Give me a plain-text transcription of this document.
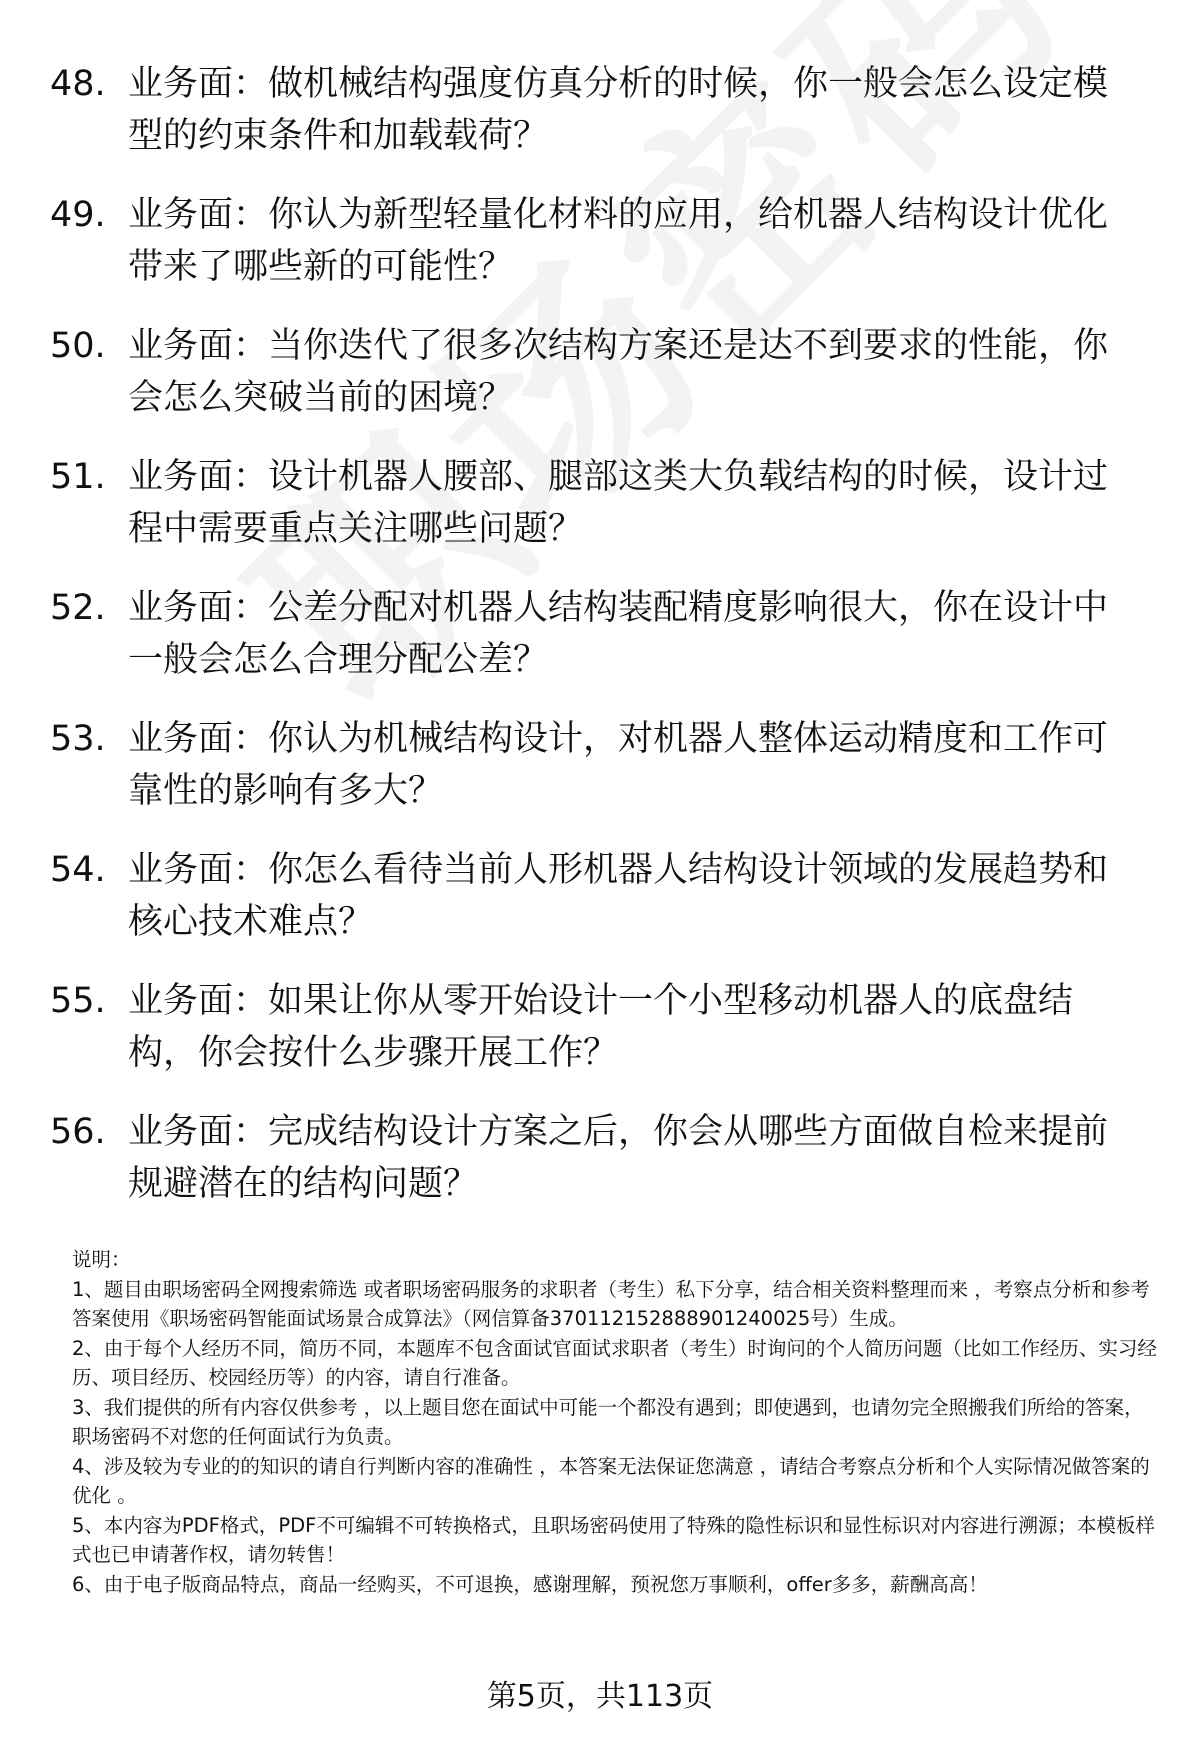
48. 业务面：做机械结构强度仿真分析的时候，你一般会怎么设定模型的约束条件和加载载荷？
49. 业务面：你认为新型轻量化材料的应用，给机器人结构设计优化带来了哪些新的可能性？
50. 业务面：当你迭代了很多次结构方案还是达不到要求的性能，你会怎么突破当前的困境？
51. 业务面：设计机器人腰部、腿部这类大负载结构的时候，设计过程中需要重点关注哪些问题？
52. 业务面：公差分配对机器人结构装配精度影响很大，你在设计中一般会怎么合理分配公差？
53. 业务面：你认为机械结构设计，对机器人整体运动精度和工作可靠性的影响有多大？
54. 业务面：你怎么看待当前人形机器人结构设计领域的发展趋势和核心技术难点？
55. 业务面：如果让你从零开始设计一个小型移动机器人的底盘结构，你会按什么步骤开展工作？
56. 业务面：完成结构设计方案之后，你会从哪些方面做自检来提前规避潜在的结构问题？

说明：

1、题目由职场密码全网搜索筛选 或者职场密码服务的求职者（考生）私下分享，结合相关资料整理而来 ，考察点分析和参考答案使用《职场密码智能面试场景合成算法》（网信算备370112152888901240025号）生成。

2、由于每个人经历不同，简历不同，本题库不包含面试官面试求职者（考生）时询问的个人简历问题（比如工作经历、实习经历、项目经历、校园经历等）的内容，请自行准备。

3、我们提供的所有内容仅供参考 ，以上题目您在面试中可能一个都没有遇到；即使遇到，也请勿完全照搬我们所给的答案，职场密码不对您的任何面试行为负责。

4、涉及较为专业的的知识的请自行判断内容的准确性 ，本答案无法保证您满意 ，请结合考察点分析和个人实际情况做答案的优化 。

5、本内容为PDF格式，PDF不可编辑不可转换格式，且职场密码使用了特殊的隐性标识和显性标识对内容进行溯源；本模板样式也已申请著作权，请勿转售！

6、由于电子版商品特点，商品一经购买，不可退换，感谢理解，预祝您万事顺利，offer多多，薪酬高高！

第5页，共113页
